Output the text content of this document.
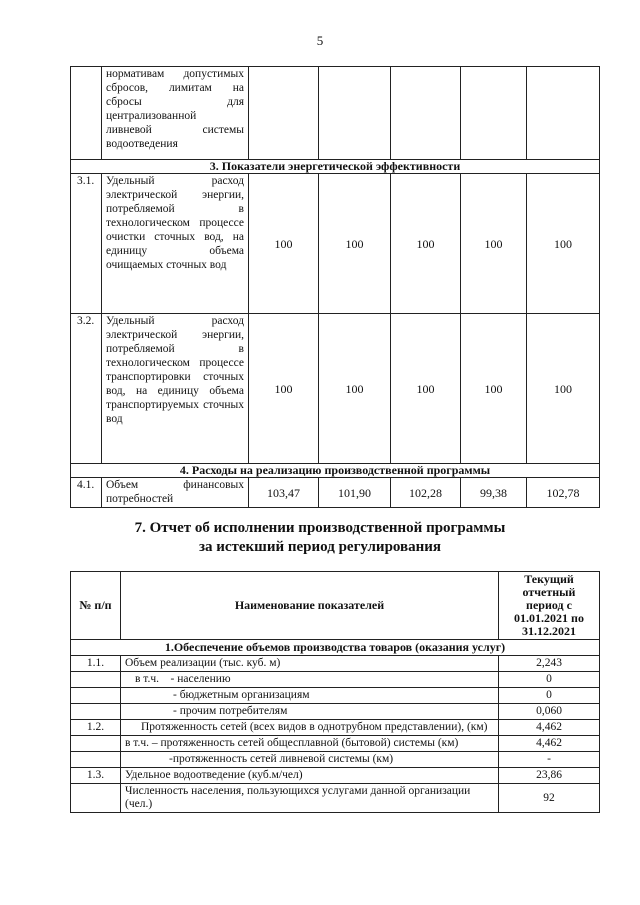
5
	нормативам допустимых сбросов, лимитам на сбросы для централизованной ливневой системы водоотведения					
3. Показатели энергетической эффективности						
3.1.	Удельный расход электрической энергии, потребляемой в технологическом процессе очистки сточных вод, на единицу объема очищаемых сточных вод	100	100	100	100	100
3.2.	Удельный расход электрической энергии, потребляемой в технологическом процессе транспортировки сточных вод, на единицу объема транспортируемых сточных вод	100	100	100	100	100
4. Расходы на реализацию производственной программы						
4.1.	Объем финансовых потребностей	103,47	101,90	102,28	99,38	102,78
7. Отчет об исполнении производственной программы
за истекший период регулирования
№ п/п	Наименование показателей	Текущий отчетный период с 01.01.2021 по 31.12.2021
1.Обеспечение объемов производства товаров (оказания услуг)		
1.1.	Объем реализации (тыс. куб. м)	2,243
	в т.ч.    - населению	0
	- бюджетным организациям	0
	- прочим потребителям	0,060
1.2.	Протяженность сетей (всех видов в однотрубном представлении), (км)	4,462
	в т.ч. – протяженность сетей общесплавной (бытовой) системы (км)	4,462
	-протяженность сетей ливневой системы (км)	-
1.3.	Удельное водоотведение (куб.м/чел)	23,86
	Численность населения, пользующихся услугами данной организации (чел.)	92
